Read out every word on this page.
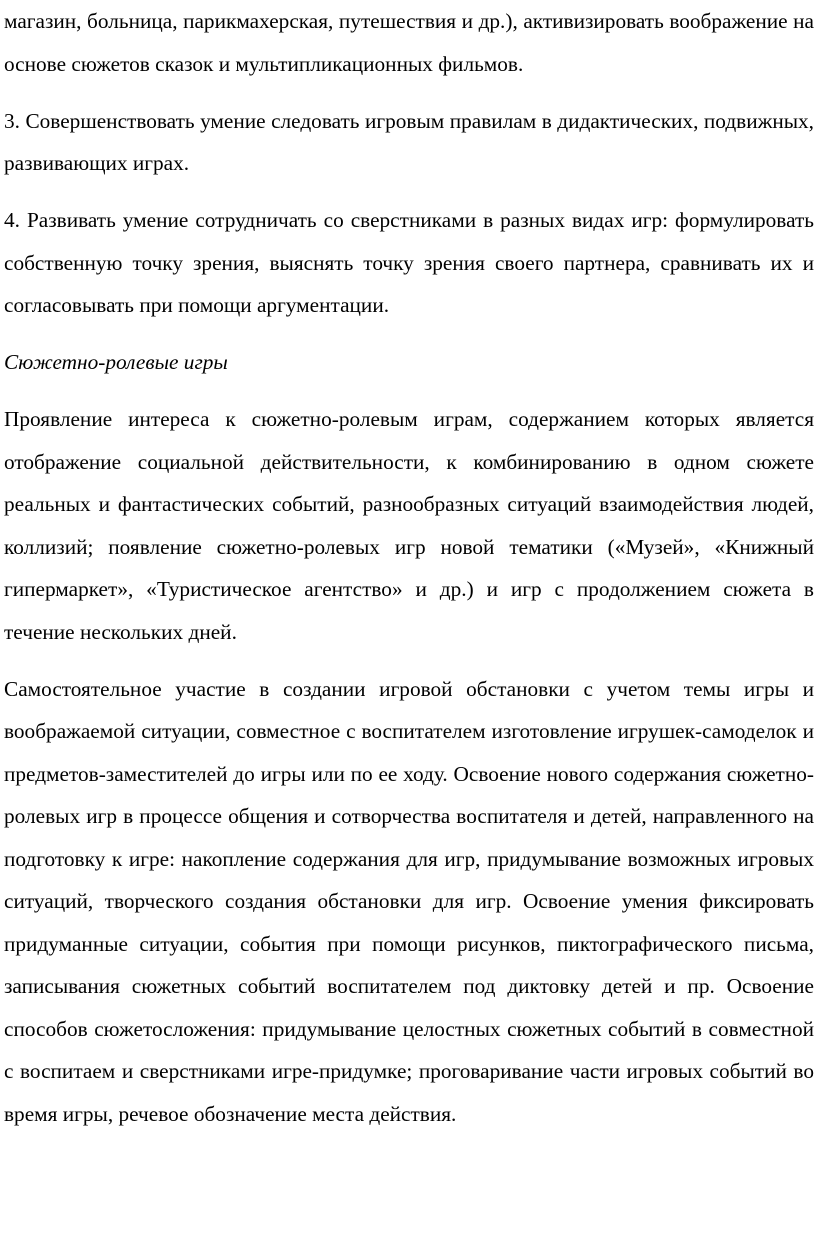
магазин, больница, парикмахерская, путешествия и др.), активизировать воображение на основе сюжетов сказок и мультипликационных фильмов.

3. Совершенствовать умение следовать игровым правилам в дидактических, подвижных, развивающих играх.

4. Развивать умение сотрудничать со сверстниками в разных видах игр: формулировать собственную точку зрения, выяснять точку зрения своего партнера, сравнивать их и согласовывать при помощи аргументации.

Сюжетно-ролевые игры

Проявление интереса к сюжетно-ролевым играм, содержанием которых является отображение социальной действительности, к комбинированию в одном сюжете реальных и фантастических событий, разнообразных ситуаций взаимодействия людей, коллизий; появление сюжетно-ролевых игр новой тематики («Музей», «Книжный гипермаркет», «Туристическое агентство» и др.) и игр с продолжением сюжета в течение нескольких дней.

Самостоятельное участие в создании игровой обстановки с учетом темы игры и воображаемой ситуации, совместное с воспитателем изготовление игрушек-самоделок и предметов-заместителей до игры или по ее ходу. Освоение нового содержания сюжетно-ролевых игр в процессе общения и сотворчества воспитателя и детей, направленного на подготовку к игре: накопление содержания для игр, придумывание возможных игровых ситуаций, творческого создания обстановки для игр. Освоение умения фиксировать придуманные ситуации, события при помощи рисунков, пиктографического письма, записывания сюжетных событий воспитателем под диктовку детей и пр. Освоение способов сюжетосложения: придумывание целостных сюжетных событий в совместной с воспитаем и сверстниками игре-придумке; проговаривание части игровых событий во время игры, речевое обозначение места действия.
